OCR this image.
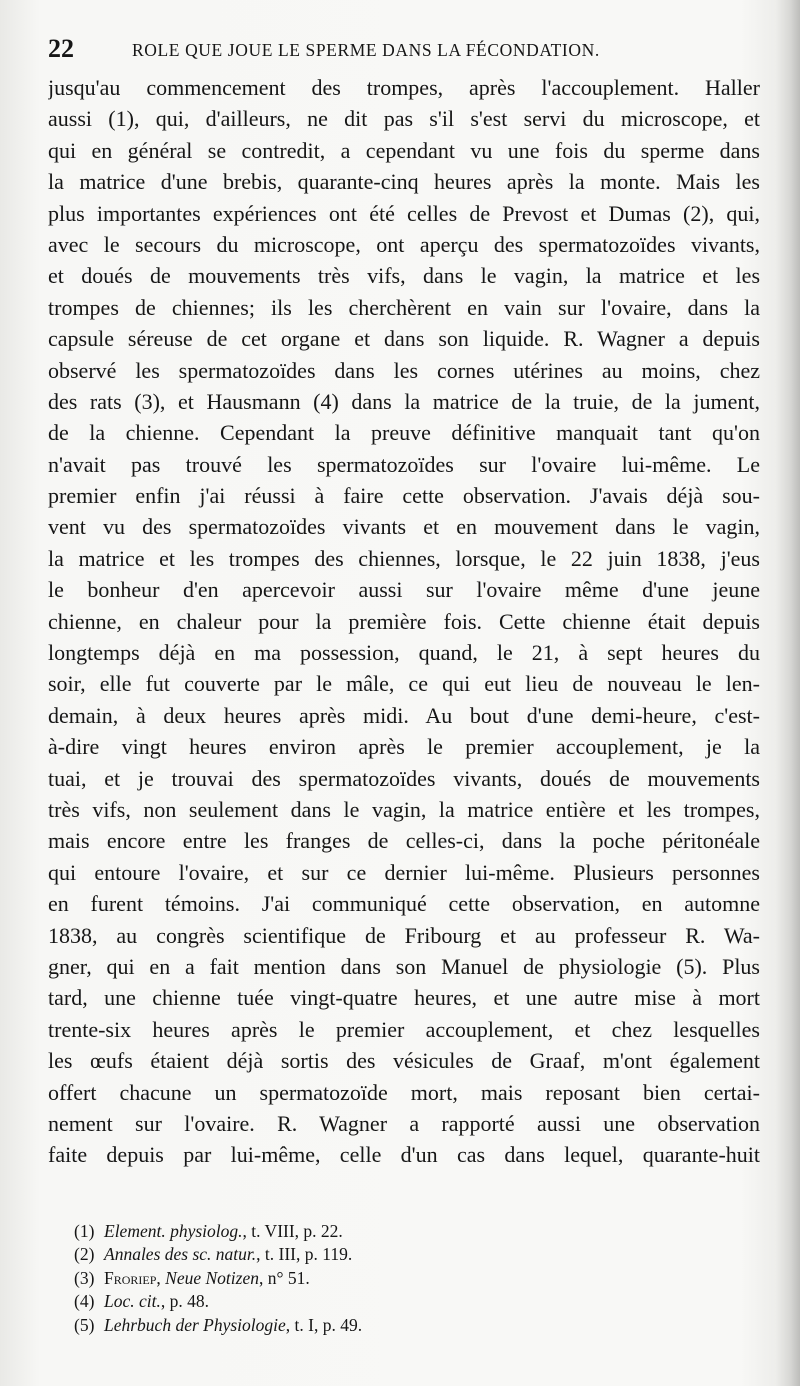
22	ROLE QUE JOUE LE SPERME DANS LA FÉCONDATION.
jusqu'au commencement des trompes, après l'accouplement. Haller
aussi (1), qui, d'ailleurs, ne dit pas s'il s'est servi du microscope, et
qui en général se contredit, a cependant vu une fois du sperme dans
la matrice d'une brebis, quarante-cinq heures après la monte. Mais les
plus importantes expériences ont été celles de Prevost et Dumas (2), qui,
avec le secours du microscope, ont aperçu des spermatozoïdes vivants,
et doués de mouvements très vifs, dans le vagin, la matrice et les
trompes de chiennes; ils les cherchèrent en vain sur l'ovaire, dans la
capsule séreuse de cet organe et dans son liquide. R. Wagner a depuis
observé les spermatozoïdes dans les cornes utérines au moins, chez
des rats (3), et Hausmann (4) dans la matrice de la truie, de la jument,
de la chienne. Cependant la preuve définitive manquait tant qu'on
n'avait pas trouvé les spermatozoïdes sur l'ovaire lui-même. Le
premier enfin j'ai réussi à faire cette observation. J'avais déjà sou-
vent vu des spermatozoïdes vivants et en mouvement dans le vagin,
la matrice et les trompes des chiennes, lorsque, le 22 juin 1838, j'eus
le bonheur d'en apercevoir aussi sur l'ovaire même d'une jeune
chienne, en chaleur pour la première fois. Cette chienne était depuis
longtemps déjà en ma possession, quand, le 21, à sept heures du
soir, elle fut couverte par le mâle, ce qui eut lieu de nouveau le len-
demain, à deux heures après midi. Au bout d'une demi-heure, c'est-
à-dire vingt heures environ après le premier accouplement, je la
tuai, et je trouvai des spermatozoïdes vivants, doués de mouvements
très vifs, non seulement dans le vagin, la matrice entière et les trompes,
mais encore entre les franges de celles-ci, dans la poche péritonéale
qui entoure l'ovaire, et sur ce dernier lui-même. Plusieurs personnes
en furent témoins. J'ai communiqué cette observation, en automne
1838, au congrès scientifique de Fribourg et au professeur R. Wa-
gner, qui en a fait mention dans son Manuel de physiologie (5). Plus
tard, une chienne tuée vingt-quatre heures, et une autre mise à mort
trente-six heures après le premier accouplement, et chez lesquelles
les œufs étaient déjà sortis des vésicules de Graaf, m'ont également
offert chacune un spermatozoïde mort, mais reposant bien certai-
nement sur l'ovaire. R. Wagner a rapporté aussi une observation
faite depuis par lui-même, celle d'un cas dans lequel, quarante-huit
(1) Element. physiolog., t. VIII, p. 22.
(2) Annales des sc. natur., t. III, p. 119.
(3) Froriep, Neue Notizen, n° 51.
(4) Loc. cit., p. 48.
(5) Lehrbuch der Physiologie, t. I, p. 49.
